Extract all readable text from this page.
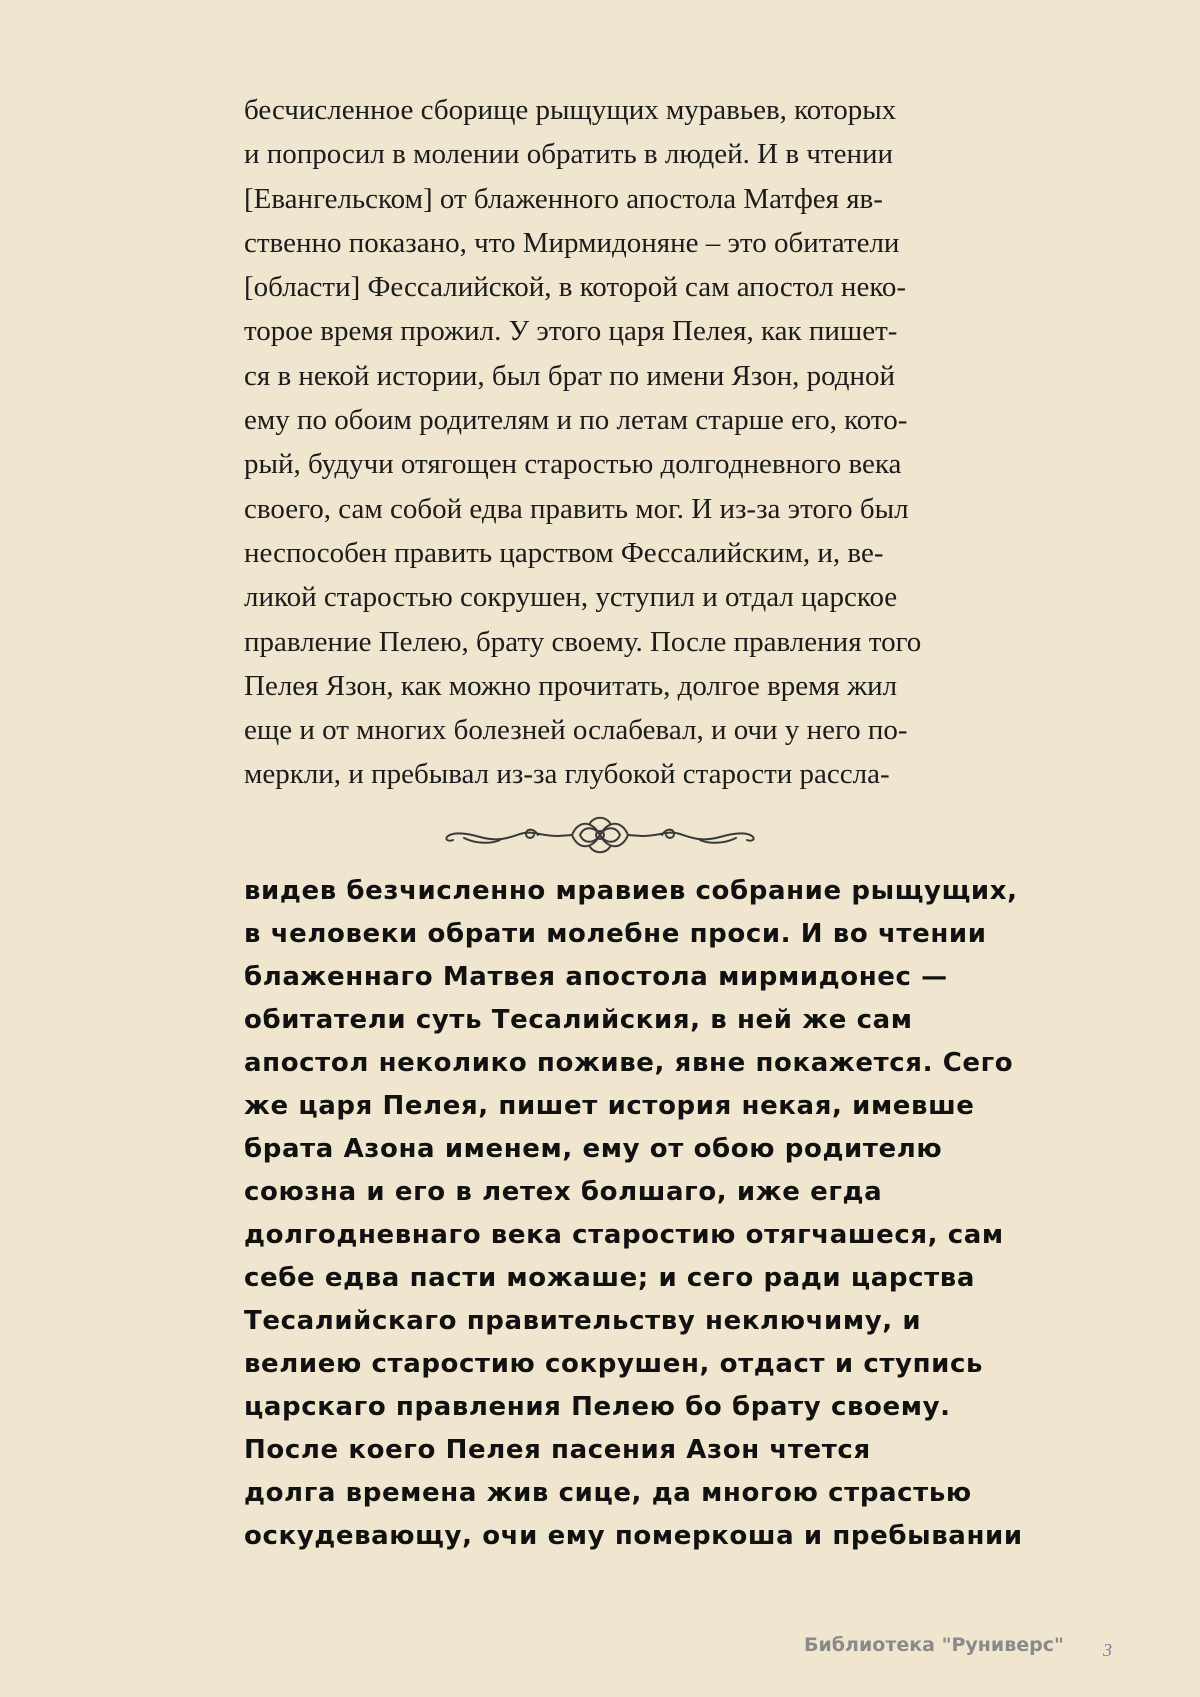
бесчисленное сборище рыщущих муравьев, которых
и попросил в молении обратить в людей. И в чтении
[Евангельском] от блаженного апостола Матфея яв-
ственно показано, что Мирмидоняне – это обитатели
[области] Фессалийской, в которой сам апостол неко-
торое время прожил. У этого царя Пелея, как пишет-
ся в некой истории, был брат по имени Язон, родной
ему по обоим родителям и по летам старше его, кото-
рый, будучи отягощен старостью долгодневного века
своего, сам собой едва править мог. И из-за этого был
неспособен править царством Фессалийским, и, ве-
ликой старостью сокрушен, уступил и отдал царское
правление Пелею, брату своему. После правления того
Пелея Язон, как можно прочитать, долгое время жил
еще и от многих болезней ослабевал, и очи у него по-
меркли, и пребывал из-за глубокой старости рассла-
видев безчисленно мравиев собрание рыщущих,
в человеки обрати молебне проси. И во чтении
блаженнаго Матвея апостола мирмидонес —
обитатели суть Тесалийския, в ней же сам
апостол неколико поживе, явне покажется. Сего
же царя Пелея, пишет история некая, имевше
брата Азона именем, ему от обою родителю
союзна и его в летех болшаго, иже егда
долгодневнаго века старостию отягчашеся, сам
себе едва пасти можаше; и сего ради царства
Тесалийскаго правительству неключиму, и
велиею старостию сокрушен, отдаст и ступись
царскаго правления Пелею бо брату своему.
После коего Пелея пасения Азон чтется
долга времена жив сице, да многою страстью
оскудевающу, очи ему померкоша и пребывании
Библиотека "Руниверс" 3
